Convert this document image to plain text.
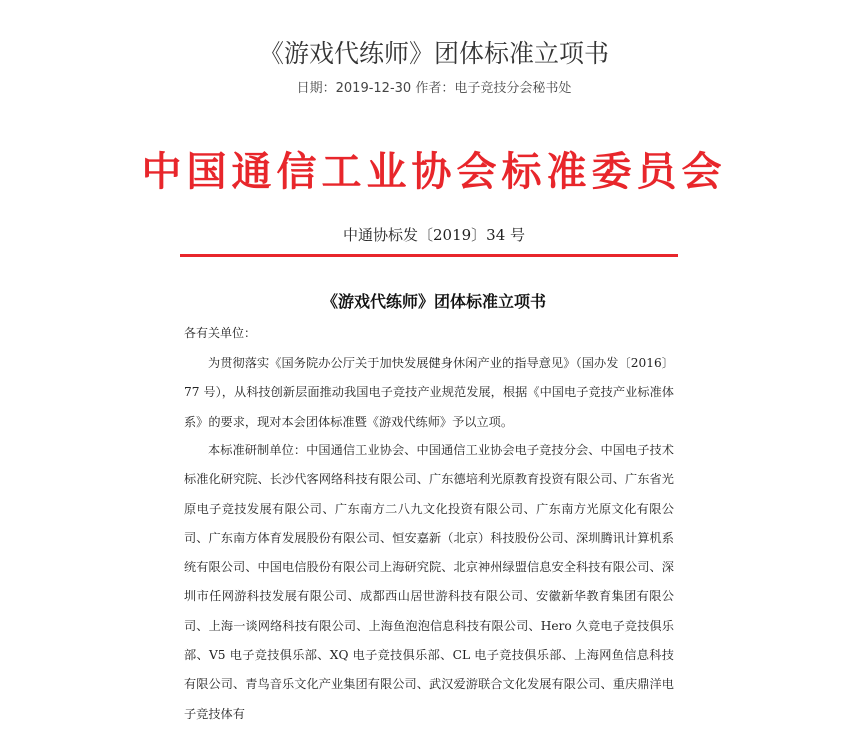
《游戏代练师》团体标准立项书
日期：2019-12-30 作者：电子竞技分会秘书处
中国通信工业协会标准委员会
中通协标发〔2019〕34 号
《游戏代练师》团体标准立项书
各有关单位：

为贯彻落实《国务院办公厅关于加快发展健身休闲产业的指导意见》（国办发〔2016〕77 号），从科技创新层面推动我国电子竞技产业规范发展，根据《中国电子竞技产业标准体系》的要求，现对本会团体标准暨《游戏代练师》予以立项。

本标准研制单位：中国通信工业协会、中国通信工业协会电子竞技分会、中国电子技术标准化研究院、长沙代客网络科技有限公司、广东德培利光原教育投资有限公司、广东省光原电子竞技发展有限公司、广东南方二八九文化投资有限公司、广东南方光原文化有限公司、广东南方体育发展股份有限公司、恒安嘉新（北京）科技股份公司、深圳腾讯计算机系统有限公司、中国电信股份有限公司上海研究院、北京神州绿盟信息安全科技有限公司、深圳市任网游科技发展有限公司、成都西山居世游科技有限公司、安徽新华教育集团有限公司、上海一谈网络科技有限公司、上海鱼泡泡信息科技有限公司、Hero 久竞电子竞技俱乐部、V5 电子竞技俱乐部、XQ 电子竞技俱乐部、CL 电子竞技俱乐部、上海网鱼信息科技有限公司、青鸟音乐文化产业集团有限公司、武汉爱游联合文化发展有限公司、重庆鼎洋电子竞技体有
